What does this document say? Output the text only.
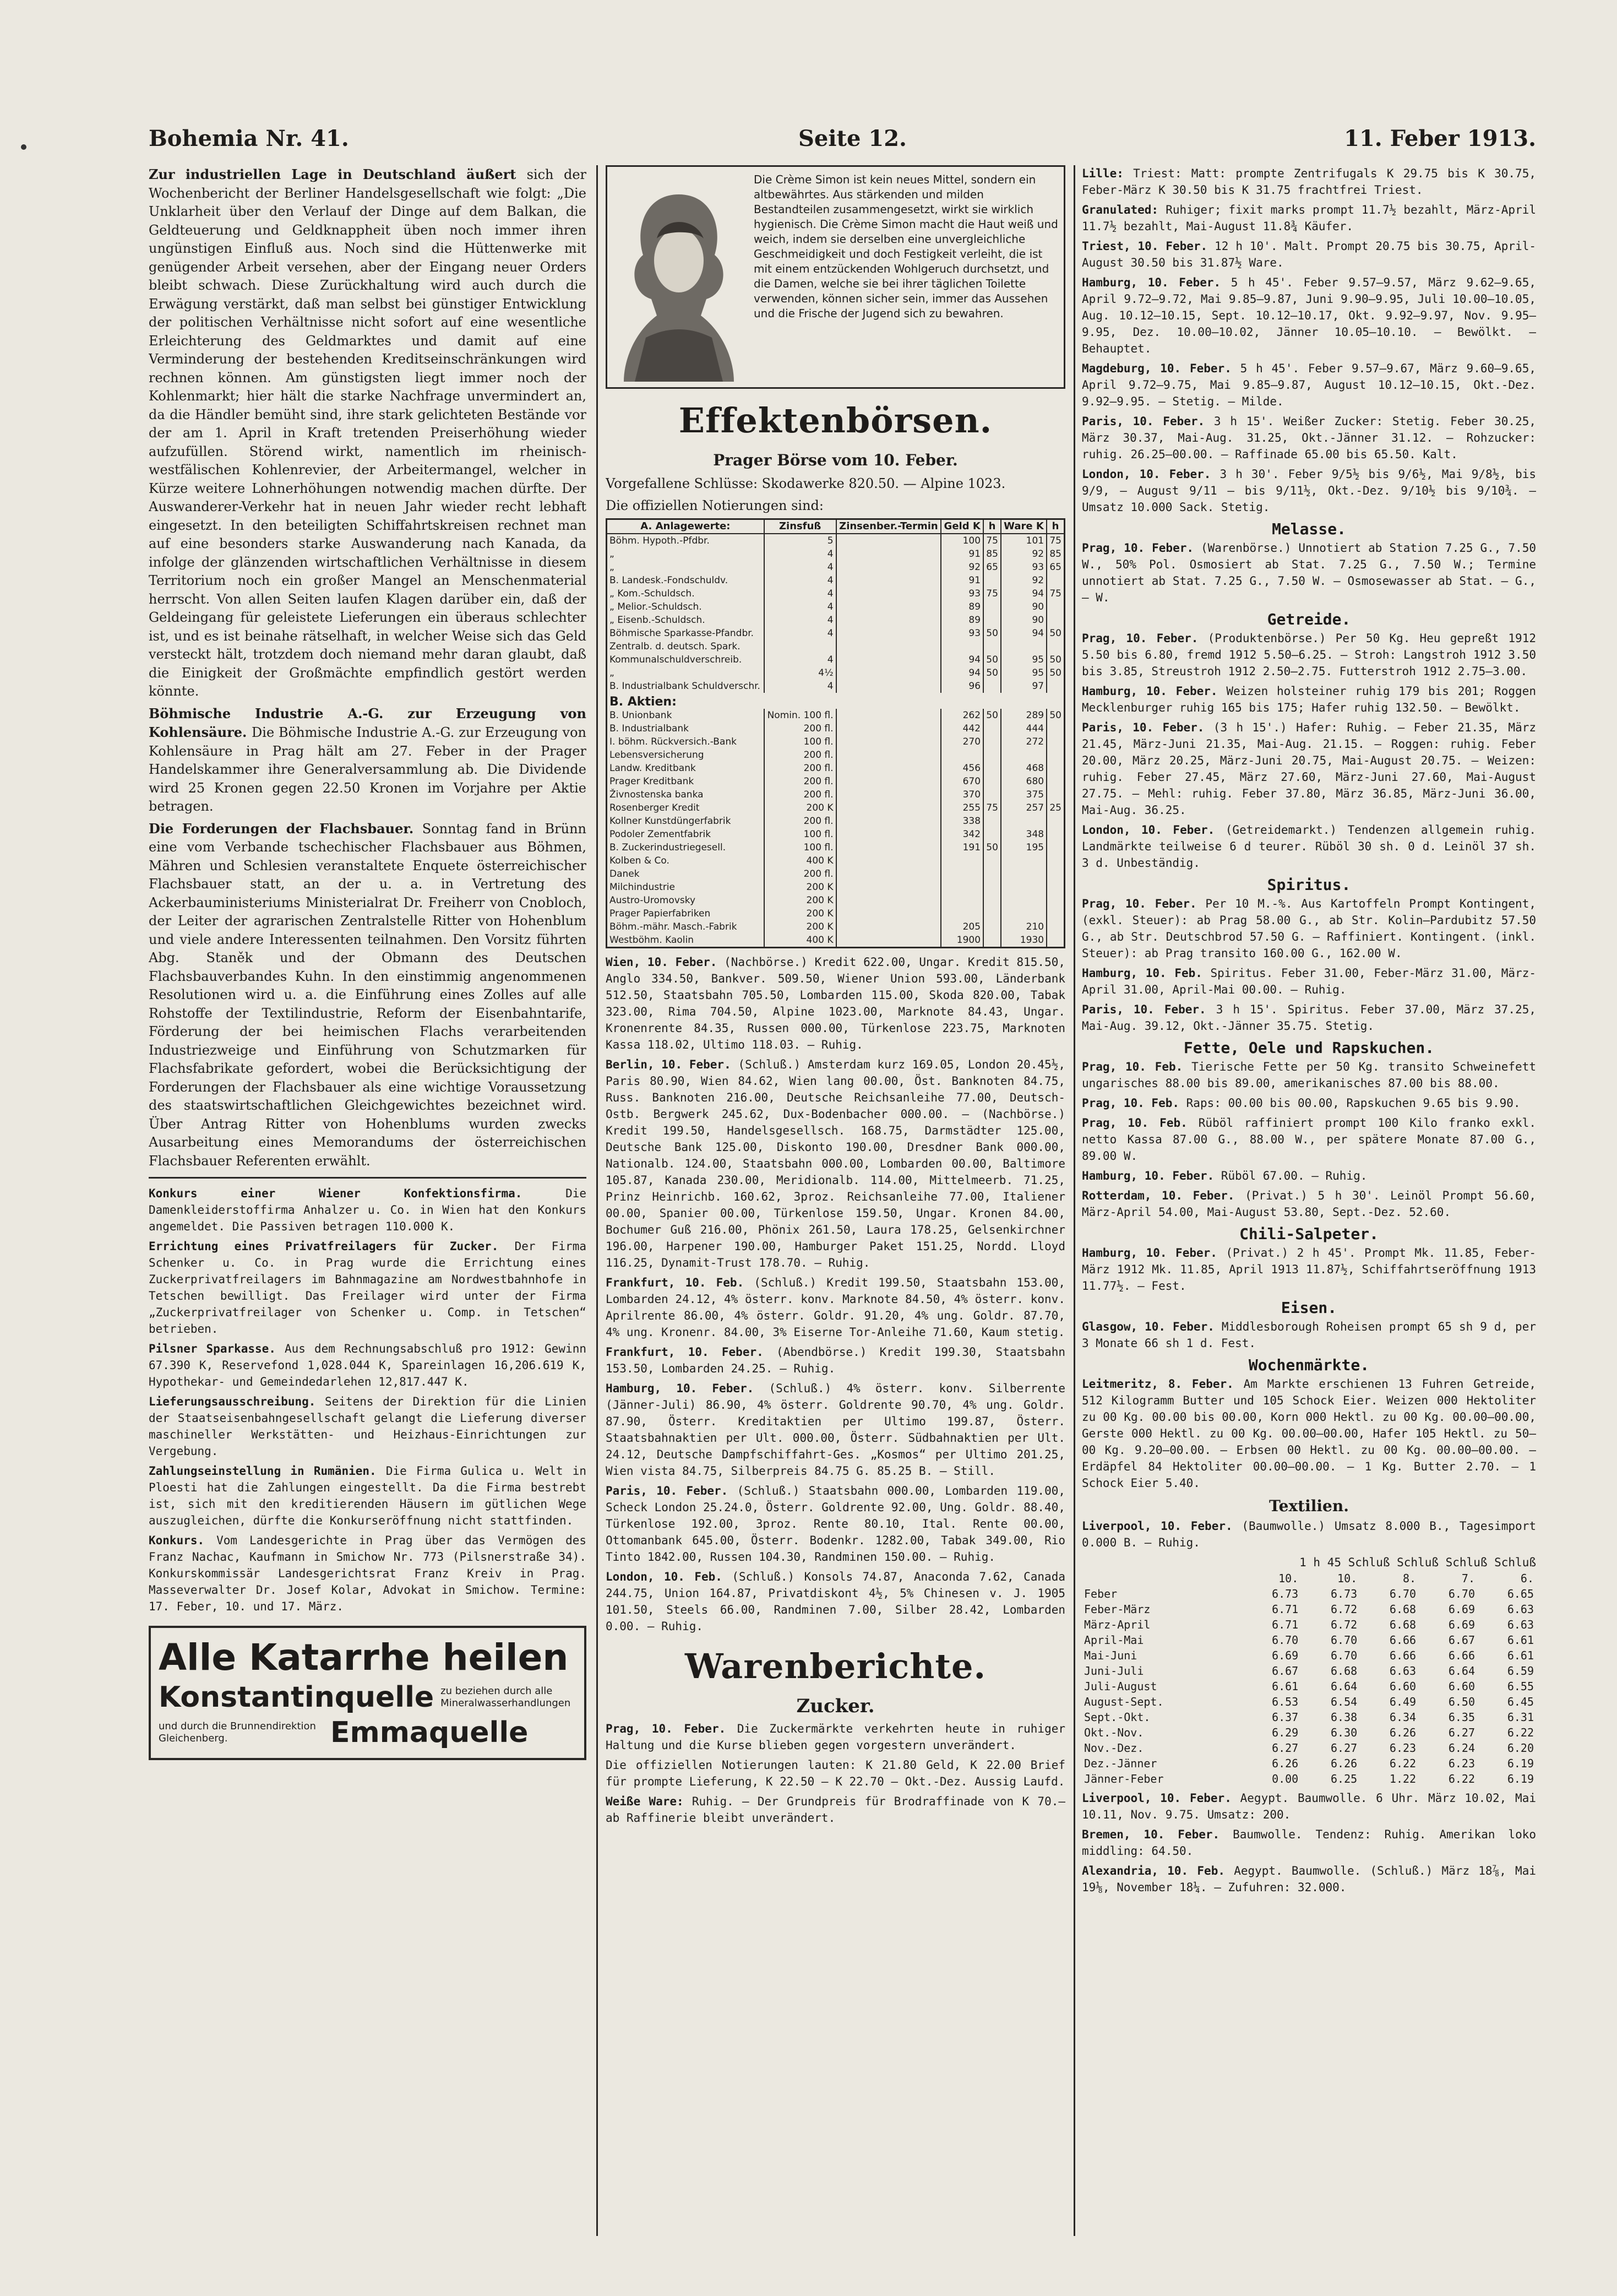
Bohemia Nr. 41.	Seite 12.	11. Feber 1913.

Zur industriellen Lage in Deutschland äußert sich der Wochenbericht der Berliner Handelsgesellschaft wie folgt: „Die Unklarheit über den Verlauf der Dinge auf dem Balkan, die Geldteuerung und Geldknappheit üben noch immer ihren ungünstigen Einfluß aus. Noch sind die Hüttenwerke mit genügender Arbeit versehen, aber der Eingang neuer Orders bleibt schwach. Diese Zurückhaltung wird auch durch die Erwägung verstärkt, daß man selbst bei günstiger Entwicklung der politischen Verhältnisse nicht sofort auf eine wesentliche Erleichterung des Geldmarktes und damit auf eine Verminderung der bestehenden Kreditseinschränkungen wird rechnen können. Am günstigsten liegt immer noch der Kohlenmarkt; hier hält die starke Nachfrage unvermindert an, da die Händler bemüht sind, ihre stark gelichteten Bestände vor der am 1. April in Kraft tretenden Preiserhöhung wieder aufzufüllen. Störend wirkt, namentlich im rheinisch-westfälischen Kohlenrevier, der Arbeitermangel, welcher in Kürze weitere Lohnerhöhungen notwendig machen dürfte. Der Auswanderer-Verkehr hat in neuen Jahr wieder recht lebhaft eingesetzt. In den beteiligten Schiffahrtskreisen rechnet man auf eine besonders starke Auswanderung nach Kanada, da infolge der glänzenden wirtschaftlichen Verhältnisse in diesem Territorium noch ein großer Mangel an Menschenmaterial herrscht. Von allen Seiten laufen Klagen darüber ein, daß der Geldeingang für geleistete Lieferungen ein überaus schlechter ist, und es ist beinahe rätselhaft, in welcher Weise sich das Geld versteckt hält, trotzdem doch niemand mehr daran glaubt, daß die Einigkeit der Großmächte empfindlich gestört werden könnte.

Böhmische Industrie A.-G. zur Erzeugung von Kohlensäure. Die Böhmische Industrie A.-G. zur Erzeugung von Kohlensäure in Prag hält am 27. Feber in der Prager Handelskammer ihre Generalversammlung ab. Die Dividende wird 25 Kronen gegen 22.50 Kronen im Vorjahre per Aktie betragen.

Die Forderungen der Flachsbauer. Sonntag fand in Brünn eine vom Verbande tschechischer Flachsbauer aus Böhmen, Mähren und Schlesien veranstaltete Enquete österreichischer Flachsbauer statt, an der u. a. in Vertretung des Ackerbauministeriums Ministerialrat Dr. Freiherr von Cnobloch, der Leiter der agrarischen Zentralstelle Ritter von Hohenblum und viele andere Interessenten teilnahmen. Den Vorsitz führten Abg. Staněk und der Obmann des Deutschen Flachsbauverbandes Kuhn. In den einstimmig angenommenen Resolutionen wird u. a. die Einführung eines Zolles auf alle Rohstoffe der Textilindustrie, Reform der Eisenbahntarife, Förderung der bei heimischen Flachs verarbeitenden Industriezweige und Einführung von Schutzmarken für Flachsfabrikate gefordert, wobei die Berücksichtigung der Forderungen der Flachsbauer als eine wichtige Voraussetzung des staatswirtschaftlichen Gleichgewichtes bezeichnet wird. Über Antrag Ritter von Hohenblums wurden zwecks Ausarbeitung eines Memorandums der österreichischen Flachsbauer Referenten erwählt.

Konkurs einer Wiener Konfektionsfirma. Die Damenkleiderstoffirma Anhalzer u. Co. in Wien hat den Konkurs angemeldet. Die Passiven betragen 110.000 K.

Errichtung eines Privatfreilagers für Zucker. Der Firma Schenker u. Co. in Prag wurde die Errichtung eines Zuckerprivatfreilagers im Bahnmagazine am Nordwestbahnhofe in Tetschen bewilligt. Das Freilager wird unter der Firma „Zuckerprivatfreilager von Schenker u. Comp. in Tetschen“ betrieben.

Pilsner Sparkasse. Aus dem Rechnungsabschluß pro 1912: Gewinn 67.390 K, Reservefond 1,028.044 K, Spareinlagen 16,206.619 K, Hypothekar- und Gemeindedarlehen 12,817.447 K.

Lieferungsausschreibung. Seitens der Direktion für die Linien der Staatseisenbahngesellschaft gelangt die Lieferung diverser maschineller Werkstätten- und Heizhaus-Einrichtungen zur Vergebung.

Zahlungseinstellung in Rumänien. Die Firma Gulica u. Welt in Ploesti hat die Zahlungen eingestellt. Da die Firma bestrebt ist, sich mit den kreditierenden Häusern im gütlichen Wege auszugleichen, dürfte die Konkurseröffnung nicht stattfinden.

Konkurs. Vom Landesgerichte in Prag über das Vermögen des Franz Nachac, Kaufmann in Smichow Nr. 773 (Pilsnerstraße 34). Konkurskommissär Landesgerichtsrat Franz Kreiv in Prag. Masseverwalter Dr. Josef Kolar, Advokat in Smichow. Termine: 17. Feber, 10. und 17. März.

Alle Katarrhe heilen
Konstantinquelle zu beziehen durch alle Mineralwasserhandlungen
und durch die Brunnendirektion Gleichenberg.	Emmaquelle
Die Crème Simon ist kein neues Mittel, sondern ein altbewährtes. Aus stärkenden und milden Bestandteilen zusammengesetzt, wirkt sie wirklich hygienisch. Die Crème Simon macht die Haut weiß und weich, indem sie derselben eine unvergleichliche Geschmeidigkeit und doch Festigkeit verleiht, die ist mit einem entzückenden Wohlgeruch durchsetzt, und die Damen, welche sie bei ihrer täglichen Toilette verwenden, können sicher sein, immer das Aussehen und die Frische der Jugend sich zu bewahren.
Effektenbörsen.
Prager Börse vom 10. Feber.

Vorgefallene Schlüsse: Skodawerke 820.50. — Alpine 1023.

Die offiziellen Notierungen sind:

A. Anlagewerte:	Zinsfuß	Zinsenber.-Termin	Geld K	h	Ware K	h
Böhm. Hypoth.-Pfdbr.	5		100	75	101	75
„	4		91	85	92	85
„	4		92	65	93	65
B. Landesk.-Fondschuldv.	4		91		92	
„ Kom.-Schuldsch.	4		93	75	94	75
„ Melior.-Schuldsch.	4		89		90	
„ Eisenb.-Schuldsch.	4		89		90	
Böhmische Sparkasse-Pfandbr.	4		93	50	94	50
Zentralb. d. deutsch. Spark.						
Kommunalschuldverschreib.	4		94	50	95	50
„	4½		94	50	95	50
B. Industrialbank Schuldverschr.	4		96		97	
B. Aktien:						
B. Unionbank	Nomin. 100 fl.		262	50	289	50
B. Industrialbank	200 fl.		442		444	
I. böhm. Rückversich.-Bank	100 fl.		270		272	
Lebensversicherung	200 fl.					
Landw. Kreditbank	200 fl.		456		468	
Prager Kreditbank	200 fl.		670		680	
Živnostenska banka	200 fl.		370		375	
Rosenberger Kredit	200 K		255	75	257	25
Kollner Kunstdüngerfabrik	200 fl.		338			
Podoler Zementfabrik	100 fl.		342		348	
B. Zuckerindustriegesell.	100 fl.		191	50	195	
Kolben & Co.	400 K					
Danek	200 fl.					
Milchindustrie	200 K					
Austro-Uromovsky	200 K					
Prager Papierfabriken	200 K					
Böhm.-mähr. Masch.-Fabrik	200 K		205		210	
Westböhm. Kaolin	400 K		1900		1930	

Wien, 10. Feber. (Nachbörse.) Kredit 622.00, Ungar. Kredit 815.50, Anglo 334.50, Bankver. 509.50, Wiener Union 593.00, Länderbank 512.50, Staatsbahn 705.50, Lombarden 115.00, Skoda 820.00, Tabak 323.00, Rima 704.50, Alpine 1023.00, Marknote 84.43, Ungar. Kronenrente 84.35, Russen 000.00, Türkenlose 223.75, Marknoten Kassa 118.02, Ultimo 118.03. — Ruhig.

Berlin, 10. Feber. (Schluß.) Amsterdam kurz 169.05, London 20.45½, Paris 80.90, Wien 84.62, Wien lang 00.00, Öst. Banknoten 84.75, Russ. Banknoten 216.00, Deutsche Reichsanleihe 77.00, Deutsch-Ostb. Bergwerk 245.62, Dux-Bodenbacher 000.00. — (Nachbörse.) Kredit 199.50, Handelsgesellsch. 168.75, Darmstädter 125.00, Deutsche Bank 125.00, Diskonto 190.00, Dresdner Bank 000.00, Nationalb. 124.00, Staatsbahn 000.00, Lombarden 00.00, Baltimore 105.87, Kanada 230.00, Meridionalb. 114.00, Mittelmeerb. 71.25, Prinz Heinrichb. 160.62, 3proz. Reichsanleihe 77.00, Italiener 00.00, Spanier 00.00, Türkenlose 159.50, Ungar. Kronen 84.00, Bochumer Guß 216.00, Phönix 261.50, Laura 178.25, Gelsenkirchner 196.00, Harpener 190.00, Hamburger Paket 151.25, Nordd. Lloyd 116.25, Dynamit-Trust 178.70. — Ruhig.

Frankfurt, 10. Feb. (Schluß.) Kredit 199.50, Staatsbahn 153.00, Lombarden 24.12, 4% österr. konv. Marknote 84.50, 4% österr. konv. Aprilrente 86.00, 4% österr. Goldr. 91.20, 4% ung. Goldr. 87.70, 4% ung. Kronenr. 84.00, 3% Eiserne Tor-Anleihe 71.60, Kaum stetig.

Frankfurt, 10. Feber. (Abendbörse.) Kredit 199.30, Staatsbahn 153.50, Lombarden 24.25. — Ruhig.

Hamburg, 10. Feber. (Schluß.) 4% österr. konv. Silberrente (Jänner-Juli) 86.90, 4% österr. Goldrente 90.70, 4% ung. Goldr. 87.90, Österr. Kreditaktien per Ultimo 199.87, Österr. Staatsbahnaktien per Ult. 000.00, Österr. Südbahnaktien per Ult. 24.12, Deutsche Dampfschiffahrt-Ges. „Kosmos“ per Ultimo 201.25, Wien vista 84.75, Silberpreis 84.75 G. 85.25 B. — Still.

Paris, 10. Feber. (Schluß.) Staatsbahn 000.00, Lombarden 119.00, Scheck London 25.24.0, Österr. Goldrente 92.00, Ung. Goldr. 88.40, Türkenlose 192.00, 3proz. Rente 80.10, Ital. Rente 00.00, Ottomanbank 645.00, Österr. Bodenkr. 1282.00, Tabak 349.00, Rio Tinto 1842.00, Russen 104.30, Randminen 150.00. — Ruhig.

London, 10. Feb. (Schluß.) Konsols 74.87, Anaconda 7.62, Canada 244.75, Union 164.87, Privatdiskont 4½, 5% Chinesen v. J. 1905 101.50, Steels 66.00, Randminen 7.00, Silber 28.42, Lombarden 0.00. — Ruhig.

Warenberichte.
Zucker.

Prag, 10. Feber. Die Zuckermärkte verkehrten heute in ruhiger Haltung und die Kurse blieben gegen vorgestern unverändert.

Die offiziellen Notierungen lauten: K 21.80 Geld, K 22.00 Brief für prompte Lieferung, K 22.50 — K 22.70 — Okt.-Dez. Aussig Laufd.

Weiße Ware: Ruhig. — Der Grundpreis für Brodraffinade von K 70.— ab Raffinerie bleibt unverändert.

Lille: Triest: Matt: prompte Zentrifugals K 29.75 bis K 30.75, Feber-März K 30.50 bis K 31.75 frachtfrei Triest.

Granulated: Ruhiger; fixit marks prompt 11.7½ bezahlt, März-April 11.7½ bezahlt, Mai-August 11.8¾ Käufer.

Triest, 10. Feber. 12 h 10'. Malt. Prompt 20.75 bis 30.75, April-August 30.50 bis 31.87½ Ware.

Hamburg, 10. Feber. 5 h 45'. Feber 9.57—9.57, März 9.62—9.65, April 9.72—9.72, Mai 9.85—9.87, Juni 9.90—9.95, Juli 10.00—10.05, Aug. 10.12—10.15, Sept. 10.12—10.17, Okt. 9.92—9.97, Nov. 9.95—9.95, Dez. 10.00—10.02, Jänner 10.05—10.10. — Bewölkt. — Behauptet.

Magdeburg, 10. Feber. 5 h 45'. Feber 9.57—9.67, März 9.60—9.65, April 9.72—9.75, Mai 9.85—9.87, August 10.12—10.15, Okt.-Dez. 9.92—9.95. — Stetig. — Milde.

Paris, 10. Feber. 3 h 15'. Weißer Zucker: Stetig. Feber 30.25, März 30.37, Mai-Aug. 31.25, Okt.-Jänner 31.12. — Rohzucker: ruhig. 26.25—00.00. — Raffinade 65.00 bis 65.50. Kalt.

London, 10. Feber. 3 h 30'. Feber 9/5½ bis 9/6½, Mai 9/8½, bis 9/9, — August 9/11 — bis 9/11½, Okt.-Dez. 9/10½ bis 9/10¾. — Umsatz 10.000 Sack. Stetig.

Melasse.

Prag, 10. Feber. (Warenbörse.) Unnotiert ab Station 7.25 G., 7.50 W., 50% Pol. Osmosiert ab Stat. 7.25 G., 7.50 W.; Termine unnotiert ab Stat. 7.25 G., 7.50 W. — Osmosewasser ab Stat. — G., — W.

Getreide.

Prag, 10. Feber. (Produktenbörse.) Per 50 Kg. Heu gepreßt 1912 5.50 bis 6.80, fremd 1912 5.50—6.25. — Stroh: Langstroh 1912 3.50 bis 3.85, Streustroh 1912 2.50—2.75. Futterstroh 1912 2.75—3.00.

Hamburg, 10. Feber. Weizen holsteiner ruhig 179 bis 201; Roggen Mecklenburger ruhig 165 bis 175; Hafer ruhig 132.50. — Bewölkt.

Paris, 10. Feber. (3 h 15'.) Hafer: Ruhig. — Feber 21.35, März 21.45, März-Juni 21.35, Mai-Aug. 21.15. — Roggen: ruhig. Feber 20.00, März 20.25, März-Juni 20.75, Mai-August 20.75. — Weizen: ruhig. Feber 27.45, März 27.60, März-Juni 27.60, Mai-August 27.75. — Mehl: ruhig. Feber 37.80, März 36.85, März-Juni 36.00, Mai-Aug. 36.25.

London, 10. Feber. (Getreidemarkt.) Tendenzen allgemein ruhig. Landmärkte teilweise 6 d teurer. Rüböl 30 sh. 0 d. Leinöl 37 sh. 3 d. Unbeständig.

Spiritus.

Prag, 10. Feber. Per 10 M.-%. Aus Kartoffeln Prompt Kontingent, (exkl. Steuer): ab Prag 58.00 G., ab Str. Kolin—Pardubitz 57.50 G., ab Str. Deutschbrod 57.50 G. — Raffiniert. Kontingent. (inkl. Steuer): ab Prag transito 160.00 G., 162.00 W.

Hamburg, 10. Feb. Spiritus. Feber 31.00, Feber-März 31.00, März-April 31.00, April-Mai 00.00. — Ruhig.

Paris, 10. Feber. 3 h 15'. Spiritus. Feber 37.00, März 37.25, Mai-Aug. 39.12, Okt.-Jänner 35.75. Stetig.

Fette, Oele und Rapskuchen.

Prag, 10. Feb. Tierische Fette per 50 Kg. transito Schweinefett ungarisches 88.00 bis 89.00, amerikanisches 87.00 bis 88.00.

Prag, 10. Feb. Raps: 00.00 bis 00.00, Rapskuchen 9.65 bis 9.90.

Prag, 10. Feb. Rüböl raffiniert prompt 100 Kilo franko exkl. netto Kassa 87.00 G., 88.00 W., per spätere Monate 87.00 G., 89.00 W.

Hamburg, 10. Feber. Rüböl 67.00. — Ruhig.

Rotterdam, 10. Feber. (Privat.) 5 h 30'. Leinöl Prompt 56.60, März-April 54.00, Mai-August 53.80, Sept.-Dez. 52.60.

Chili-Salpeter.

Hamburg, 10. Feber. (Privat.) 2 h 45'. Prompt Mk. 11.85, Feber-März 1912 Mk. 11.85, April 1913 11.87½, Schiffahrtseröffnung 1913 11.77½. — Fest.

Eisen.

Glasgow, 10. Feber. Middlesborough Roheisen prompt 65 sh 9 d, per 3 Monate 66 sh 1 d. Fest.

Wochenmärkte.

Leitmeritz, 8. Feber. Am Markte erschienen 13 Fuhren Getreide, 512 Kilogramm Butter und 105 Schock Eier. Weizen 000 Hektoliter zu 00 Kg. 00.00 bis 00.00, Korn 000 Hektl. zu 00 Kg. 00.00—00.00, Gerste 000 Hektl. zu 00 Kg. 00.00—00.00, Hafer 105 Hektl. zu 50—00 Kg. 9.20—00.00. — Erbsen 00 Hektl. zu 00 Kg. 00.00—00.00. — Erdäpfel 84 Hektoliter 00.00—00.00. — 1 Kg. Butter 2.70. — 1 Schock Eier 5.40.

Textilien.

Liverpool, 10. Feber. (Baumwolle.) Umsatz 8.000 B., Tagesimport 0.000 B. — Ruhig.

1 h 45 Schluß Schluß Schluß Schluß
	10.	10.	8.	7.	6.
Feber	6.73	6.73	6.70	6.70	6.65
Feber-März	6.71	6.72	6.68	6.69	6.63
März-April	6.71	6.72	6.68	6.69	6.63
April-Mai	6.70	6.70	6.66	6.67	6.61
Mai-Juni	6.69	6.70	6.66	6.66	6.61
Juni-Juli	6.67	6.68	6.63	6.64	6.59
Juli-August	6.61	6.64	6.60	6.60	6.55
August-Sept.	6.53	6.54	6.49	6.50	6.45
Sept.-Okt.	6.37	6.38	6.34	6.35	6.31
Okt.-Nov.	6.29	6.30	6.26	6.27	6.22
Nov.-Dez.	6.27	6.27	6.23	6.24	6.20
Dez.-Jänner	6.26	6.26	6.22	6.23	6.19
Jänner-Feber	0.00	6.25	1.22	6.22	6.19

Liverpool, 10. Feber. Aegypt. Baumwolle. 6 Uhr. März 10.02, Mai 10.11, Nov. 9.75. Umsatz: 200.

Bremen, 10. Feber. Baumwolle. Tendenz: Ruhig. Amerikan loko middling: 64.50.

Alexandria, 10. Feb. Aegypt. Baumwolle. (Schluß.) März 18⅞, Mai 19⅛, November 18¼. — Zufuhren: 32.000.
